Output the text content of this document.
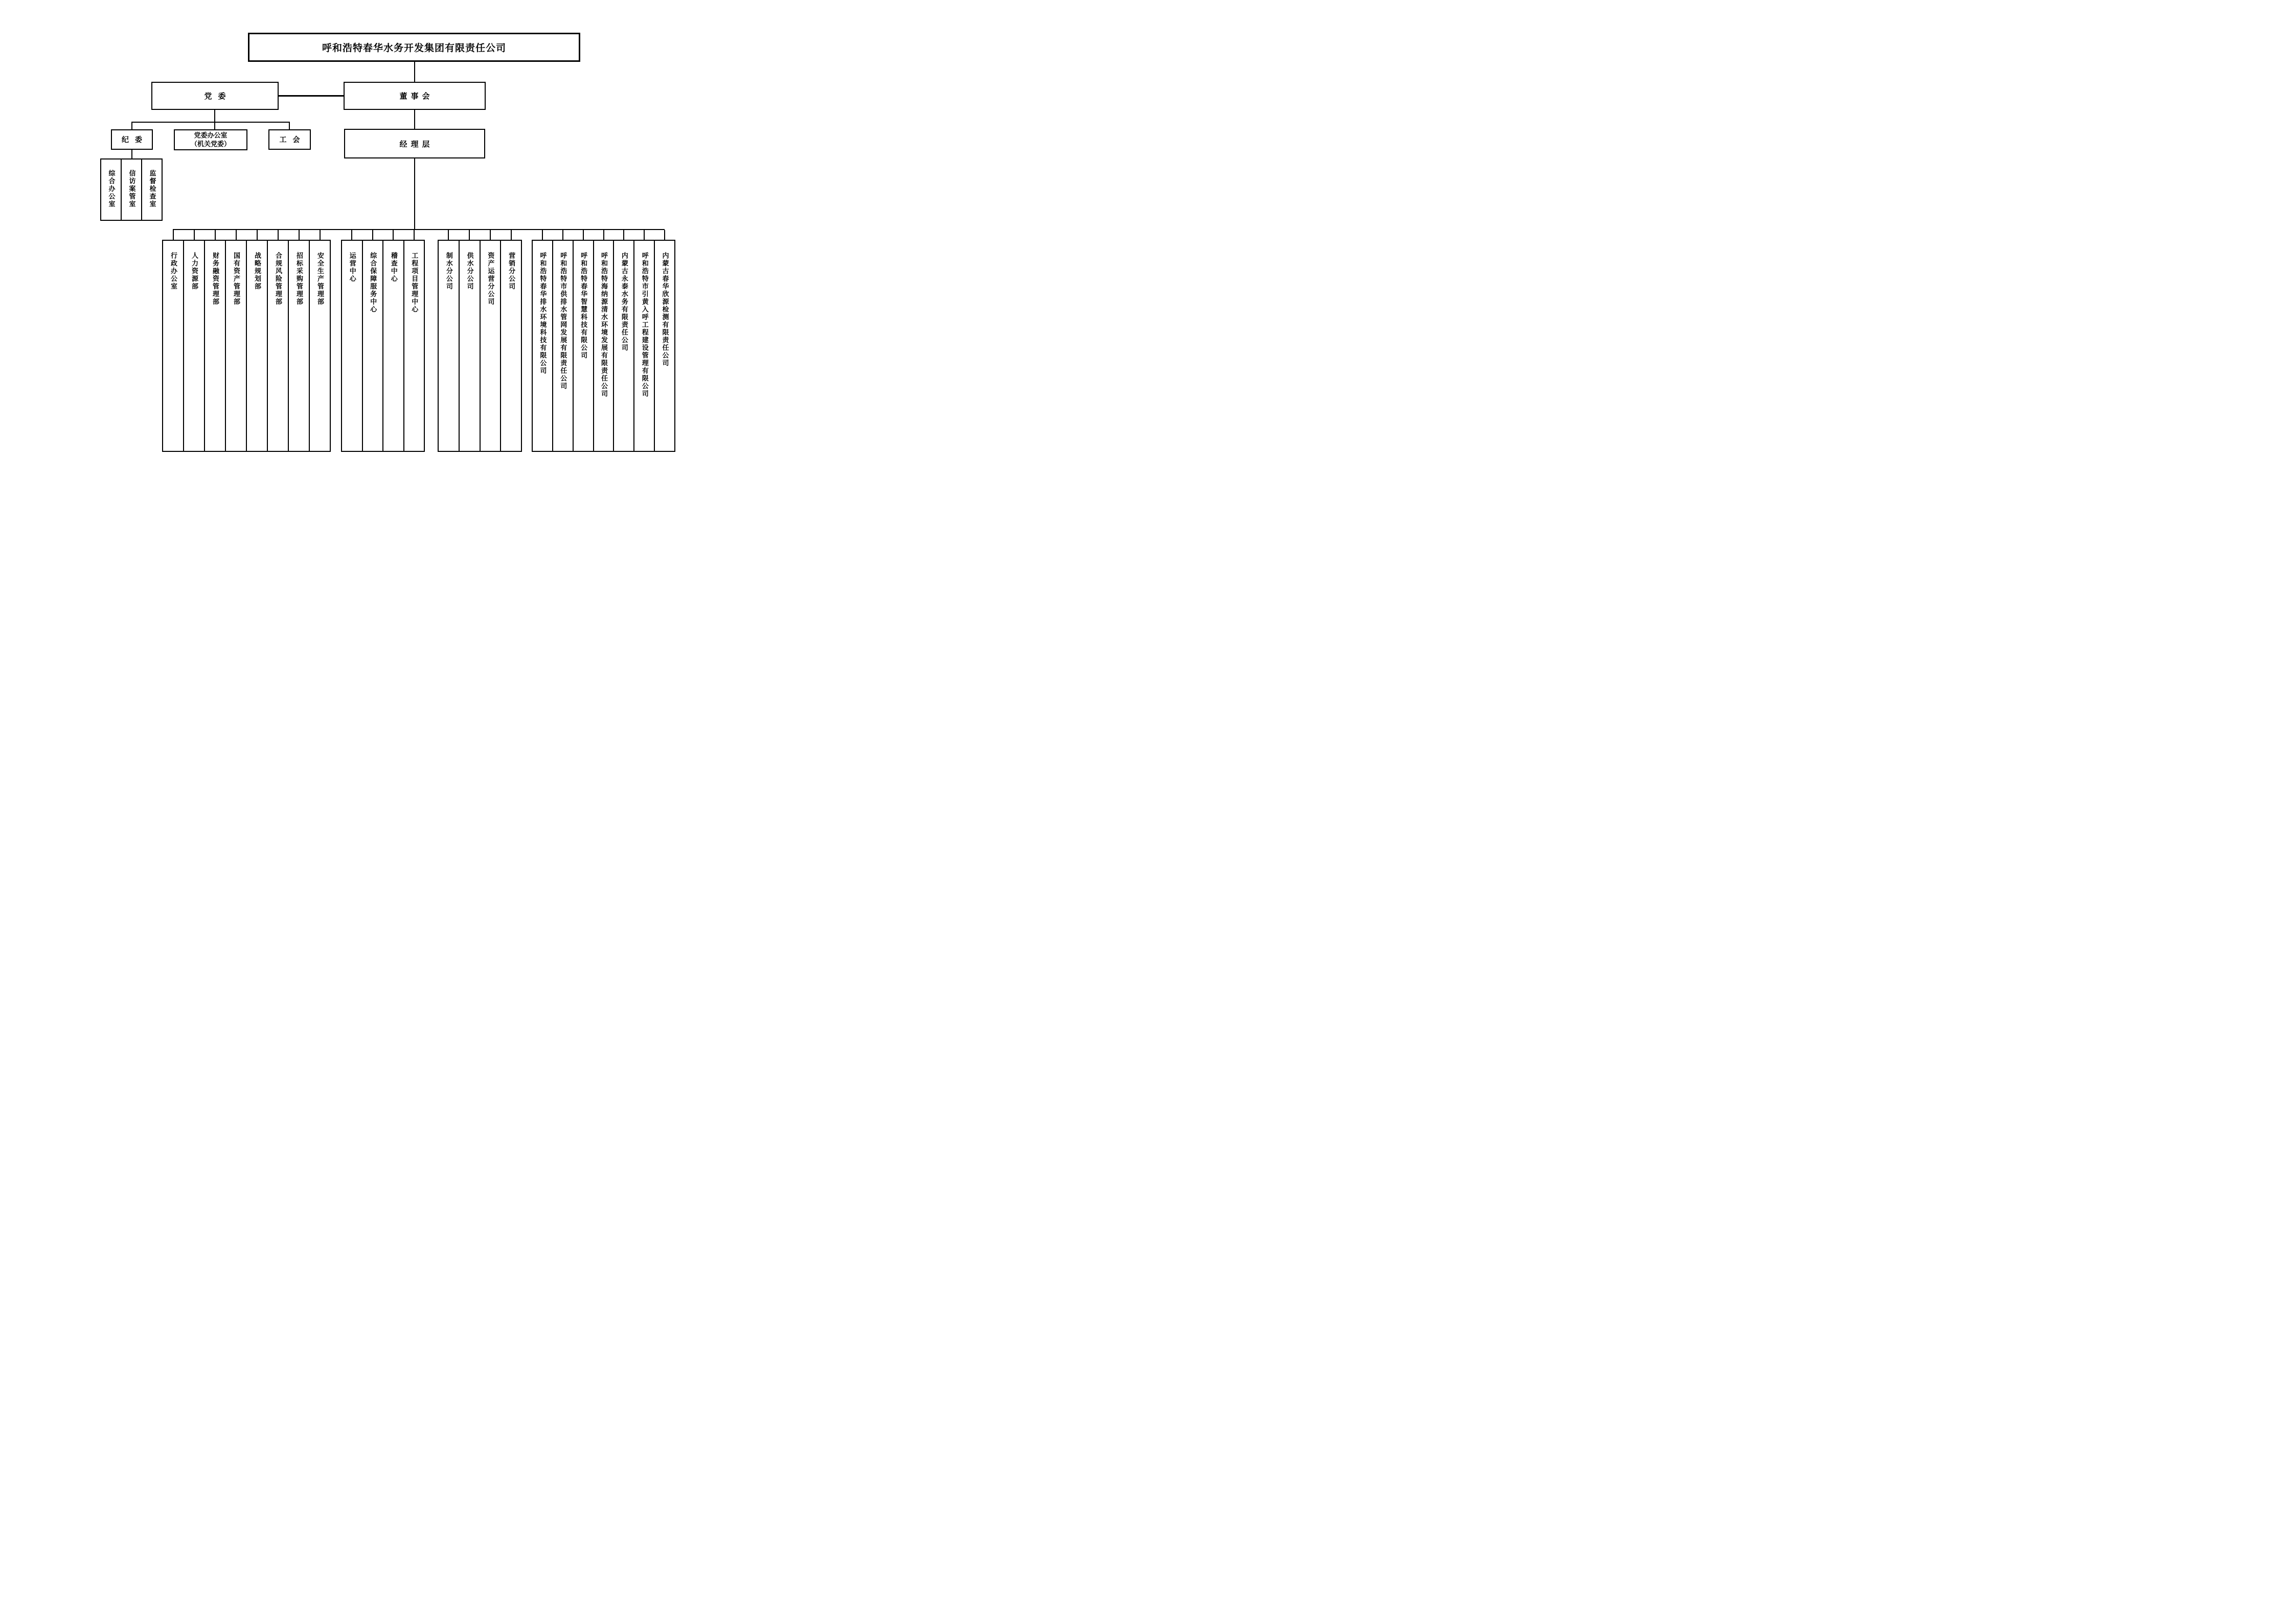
呼和浩特春华水务开发集团有限责任公司
党委	董事会
经理层
纪委
党委办公室
（机关党委）	工会
综合办公室 信访案管室 监督检查室
行政办公室 人力资源部 财务融资管理部 国有资产管理部 战略规划部 合规风险管理部 招标采购管理部 安全生产管理部	运营中心 综合保障服务中心 稽查中心 工程项目管理中心	制水分公司 供水分公司 资产运营分公司 营销分公司	呼和浩特春华排水环境科技有限公司 呼和浩特市供排水管网发展有限责任公司 呼和浩特春华智慧科技有限公司 呼和浩特海纳源清水环境发展有限责任公司 内蒙古永泰水务有限责任公司 呼和浩特市引黄入呼工程建设管理有限公司 内蒙古春华欣源检测有限责任公司
